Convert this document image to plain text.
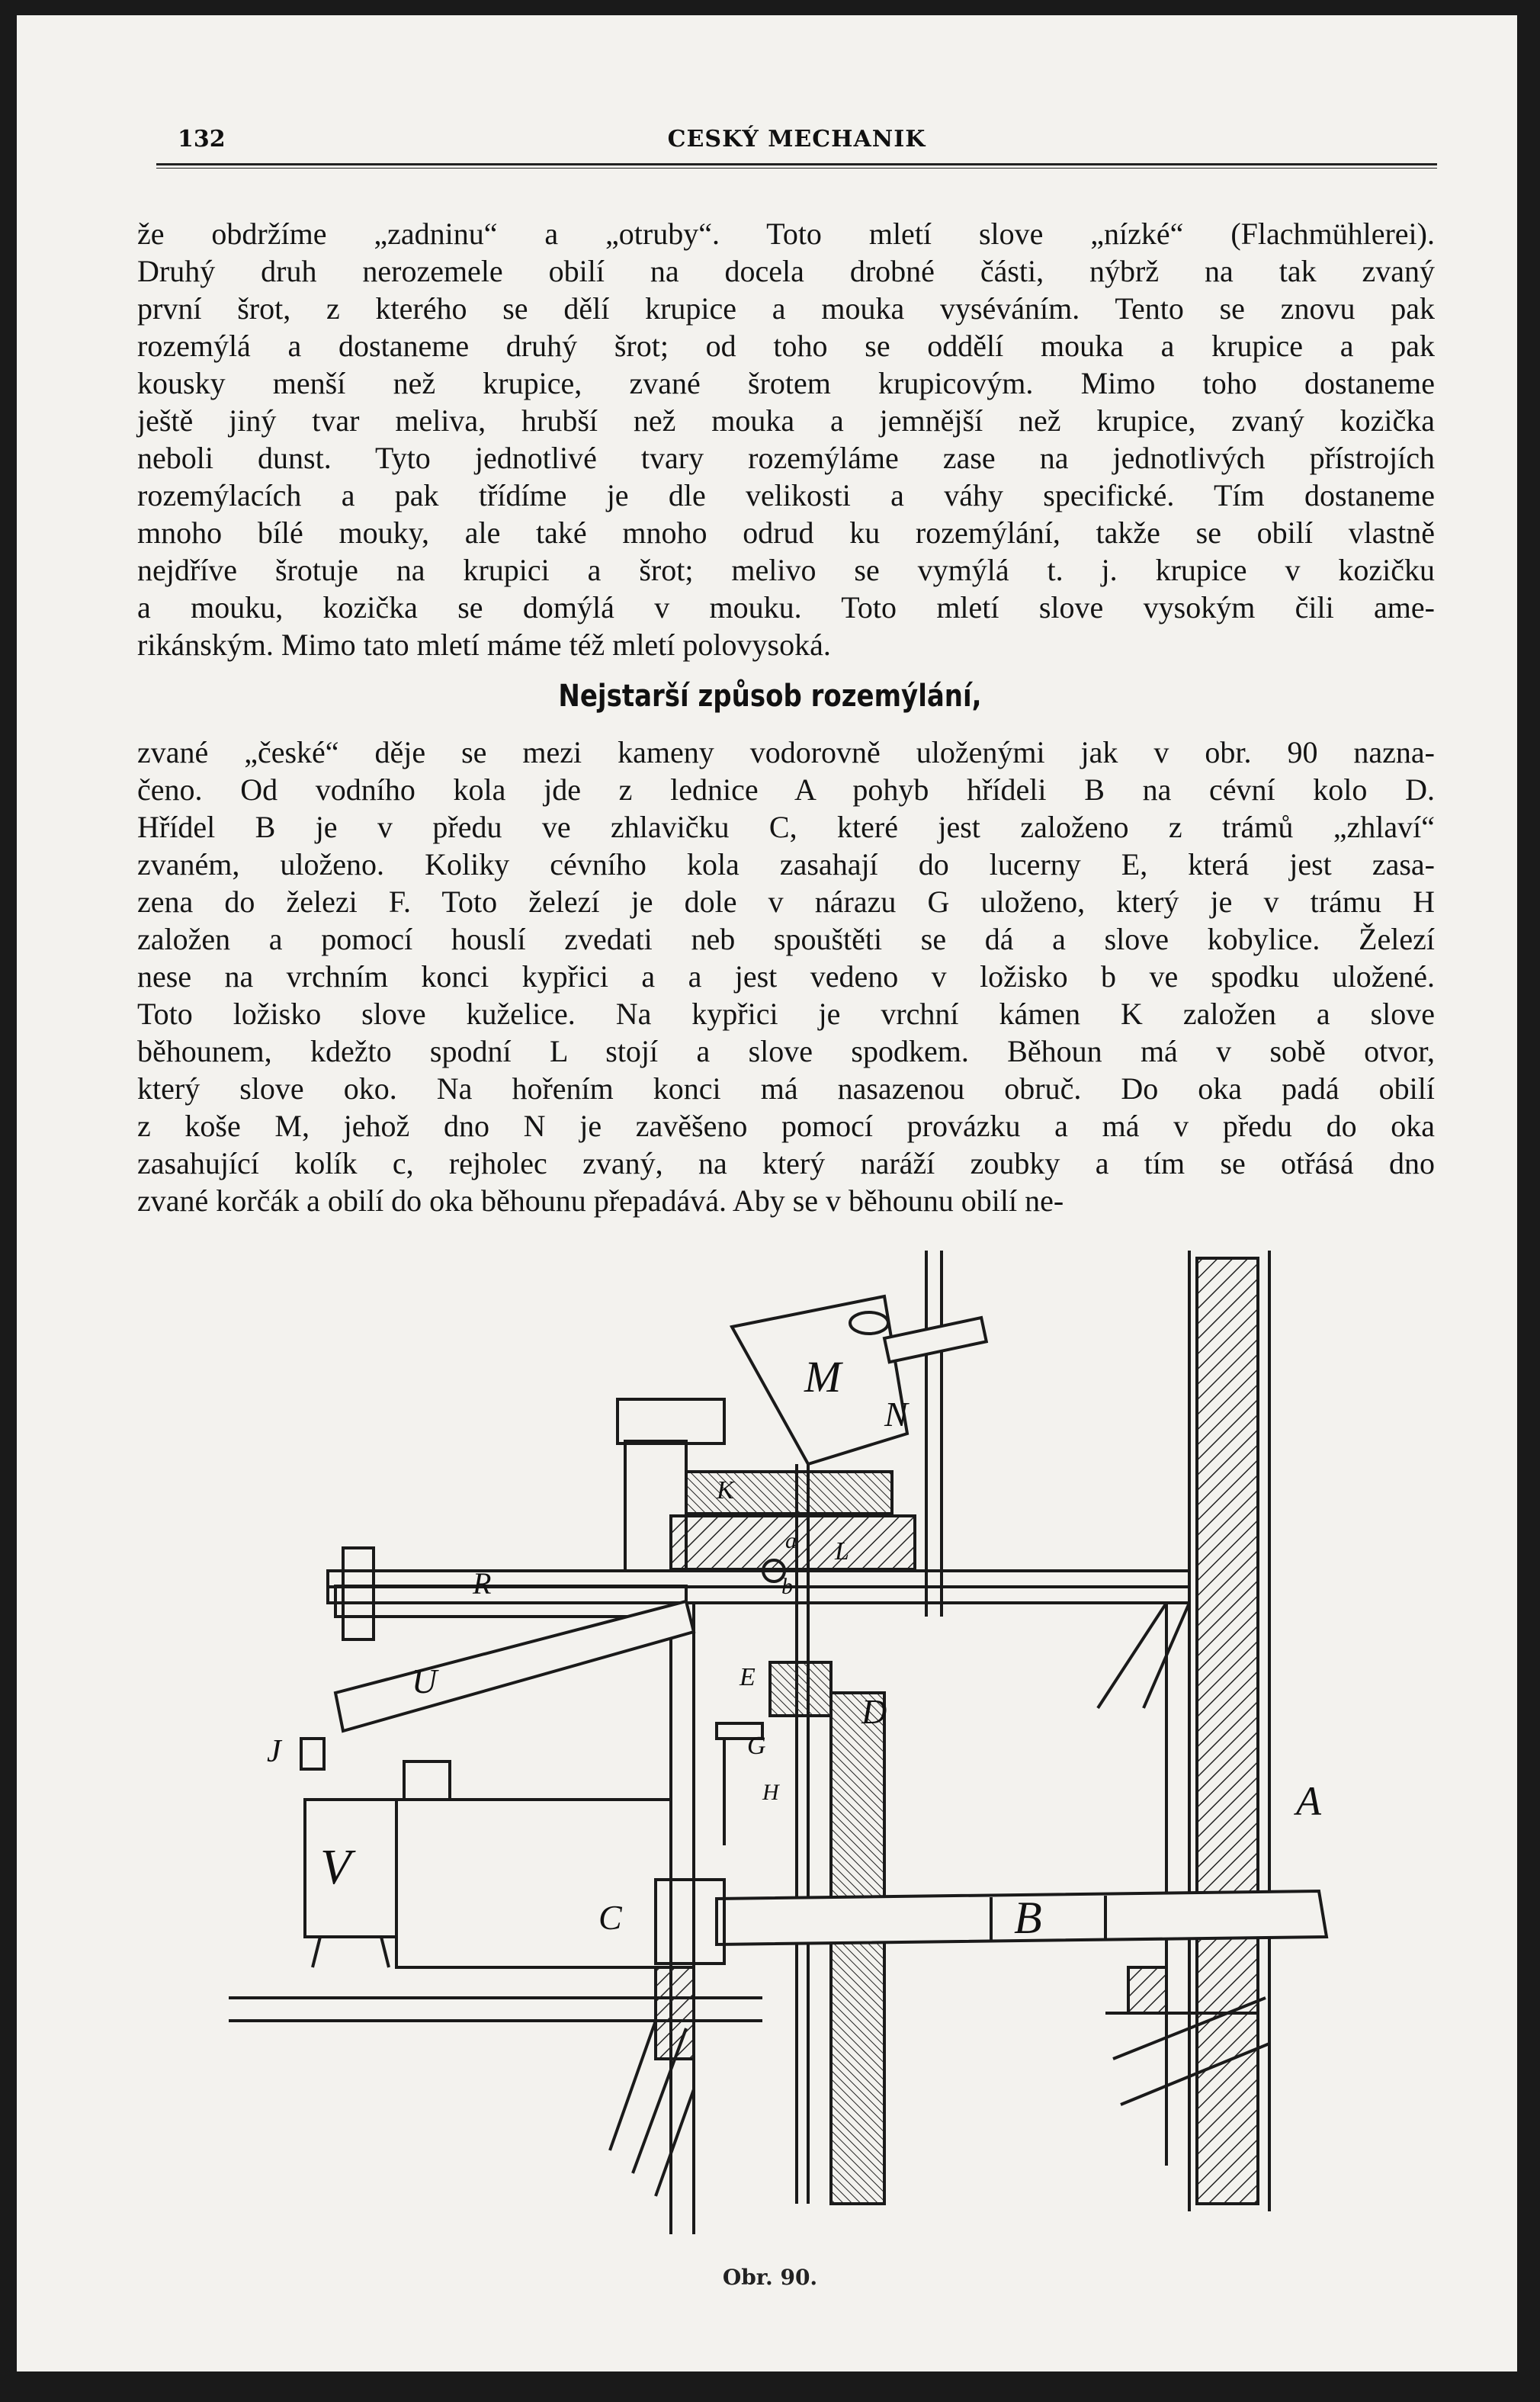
132	CESKÝ MECHANIK
že obdržíme „zadninu“ a „otruby“. Toto mletí slove „nízké“ (Flachmühlerei).
Druhý druh nerozemele obilí na docela drobné části, nýbrž na tak zvaný
první šrot, z kterého se dělí krupice a mouka vyséváním. Tento se znovu pak
rozemýlá a dostaneme druhý šrot; od toho se oddělí mouka a krupice a pak
kousky menší než krupice, zvané šrotem krupicovým. Mimo toho dostaneme
ještě jiný tvar meliva, hrubší než mouka a jemnější než krupice, zvaný kozička
neboli dunst. Tyto jednotlivé tvary rozemýláme zase na jednotlivých přístrojích
rozemýlacích a pak třídíme je dle velikosti a váhy specifické. Tím dostaneme
mnoho bílé mouky, ale také mnoho odrud ku rozemýlání, takže se obilí vlastně
nejdříve šrotuje na krupici a šrot; melivo se vymýlá t. j. krupice v kozičku
a mouku, kozička se domýlá v mouku. Toto mletí slove vysokým čili ame-
rikánským. Mimo tato mletí máme též mletí polovysoká.
Nejstarší způsob rozemýlání,
zvané „české“ děje se mezi kameny vodorovně uloženými jak v obr. 90 nazna-
čeno. Od vodního kola jde z lednice A pohyb hřídeli B na cévní kolo D.
Hřídel B je v předu ve zhlavičku C, které jest založeno z trámů „zhlaví“
zvaném, uloženo. Koliky cévního kola zasahají do lucerny E, která jest zasa-
zena do železi F. Toto železí je dole v nárazu G uloženo, který je v trámu H
založen a pomocí houslí zvedati neb spouštěti se dá a slove kobylice. Železí
nese na vrchním konci kypřici a a jest vedeno v ložisko b ve spodku uložené.
Toto ložisko slove kuželice. Na kypřici je vrchní kámen K založen a slove
běhounem, kdežto spodní L stojí a slove spodkem. Běhoun má v sobě otvor,
který slove oko. Na hořením konci má nasazenou obruč. Do oka padá obilí
z koše M, jehož dno N je zavěšeno pomocí provázku a má v předu do oka
zasahující kolík c, rejholec zvaný, na který naráží zoubky a tím se otřásá dno
zvané korčák a obilí do oka běhounu přepadává. Aby se v běhounu obilí ne-
M
N
R
K
L
a
U
b
E
D
G
H
J
V
C	B
A
Obr. 90.
